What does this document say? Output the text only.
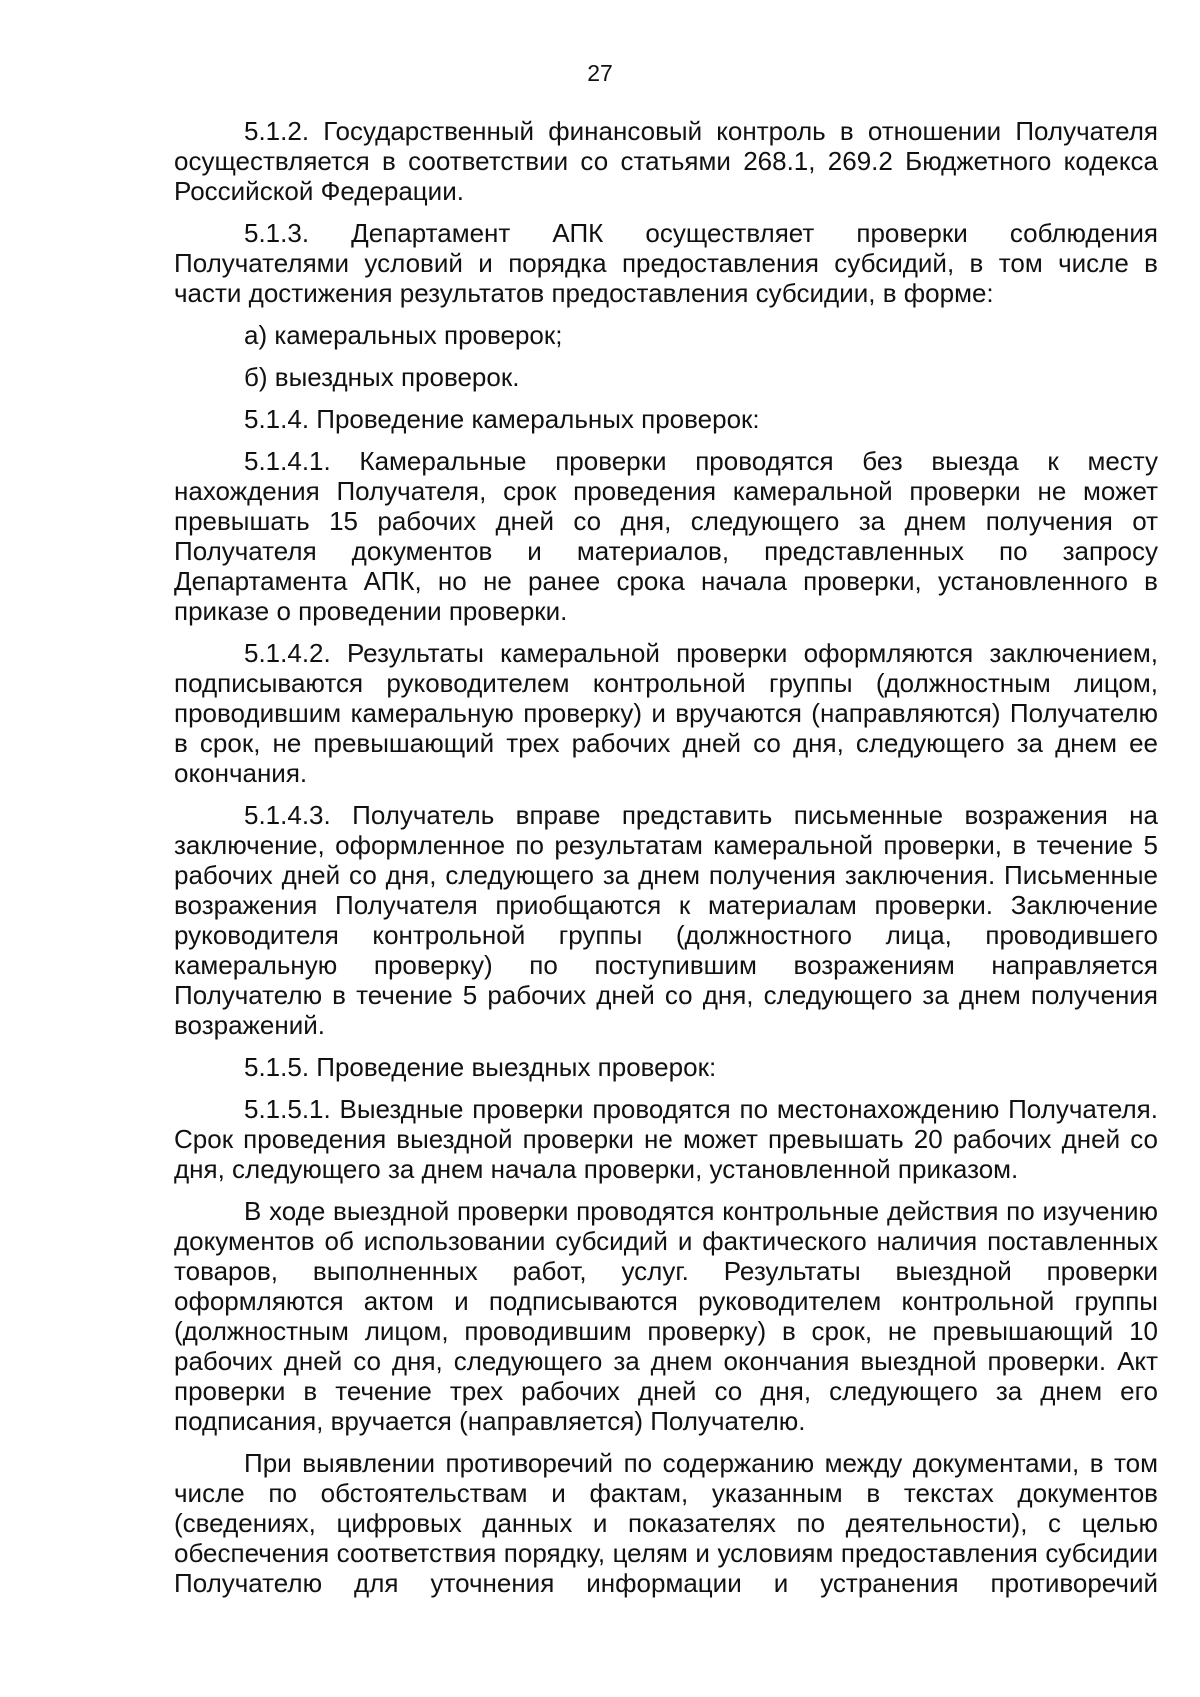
27

5.1.2. Государственный финансовый контроль в отношении Получателя осуществляется в соответствии со статьями 268.1, 269.2 Бюджетного кодекса Российской Федерации.

5.1.3. Департамент АПК осуществляет проверки соблюдения Получателями условий и порядка предоставления субсидий, в том числе в части достижения результатов предоставления субсидии, в форме:

а) камеральных проверок;

б) выездных проверок.

5.1.4. Проведение камеральных проверок:

5.1.4.1. Камеральные проверки проводятся без выезда к месту нахождения Получателя, срок проведения камеральной проверки не может превышать 15 рабочих дней со дня, следующего за днем получения от Получателя документов и материалов, представленных по запросу Департамента АПК, но не ранее срока начала проверки, установленного в приказе о проведении проверки.

5.1.4.2. Результаты камеральной проверки оформляются заключением, подписываются руководителем контрольной группы (должностным лицом, проводившим камеральную проверку) и вручаются (направляются) Получателю в срок, не превышающий трех рабочих дней со дня, следующего за днем ее окончания.

5.1.4.3. Получатель вправе представить письменные возражения на заключение, оформленное по результатам камеральной проверки, в течение 5 рабочих дней со дня, следующего за днем получения заключения. Письменные возражения Получателя приобщаются к материалам проверки. Заключение руководителя контрольной группы (должностного лица, проводившего камеральную проверку) по поступившим возражениям направляется Получателю в течение 5 рабочих дней со дня, следующего за днем получения возражений.

5.1.5. Проведение выездных проверок:

5.1.5.1. Выездные проверки проводятся по местонахождению Получателя. Срок проведения выездной проверки не может превышать 20 рабочих дней со дня, следующего за днем начала проверки, установленной приказом.

В ходе выездной проверки проводятся контрольные действия по изучению документов об использовании субсидий и фактического наличия поставленных товаров, выполненных работ, услуг. Результаты выездной проверки оформляются актом и подписываются руководителем контрольной группы (должностным лицом, проводившим проверку) в срок, не превышающий 10 рабочих дней со дня, следующего за днем окончания выездной проверки. Акт проверки в течение трех рабочих дней со дня, следующего за днем его подписания, вручается (направляется) Получателю.

При выявлении противоречий по содержанию между документами, в том числе по обстоятельствам и фактам, указанным в текстах документов (сведениях, цифровых данных и показателях по деятельности), с целью обеспечения соответствия порядку, целям и условиям предоставления субсидии Получателю для уточнения информации и устранения противоречий
